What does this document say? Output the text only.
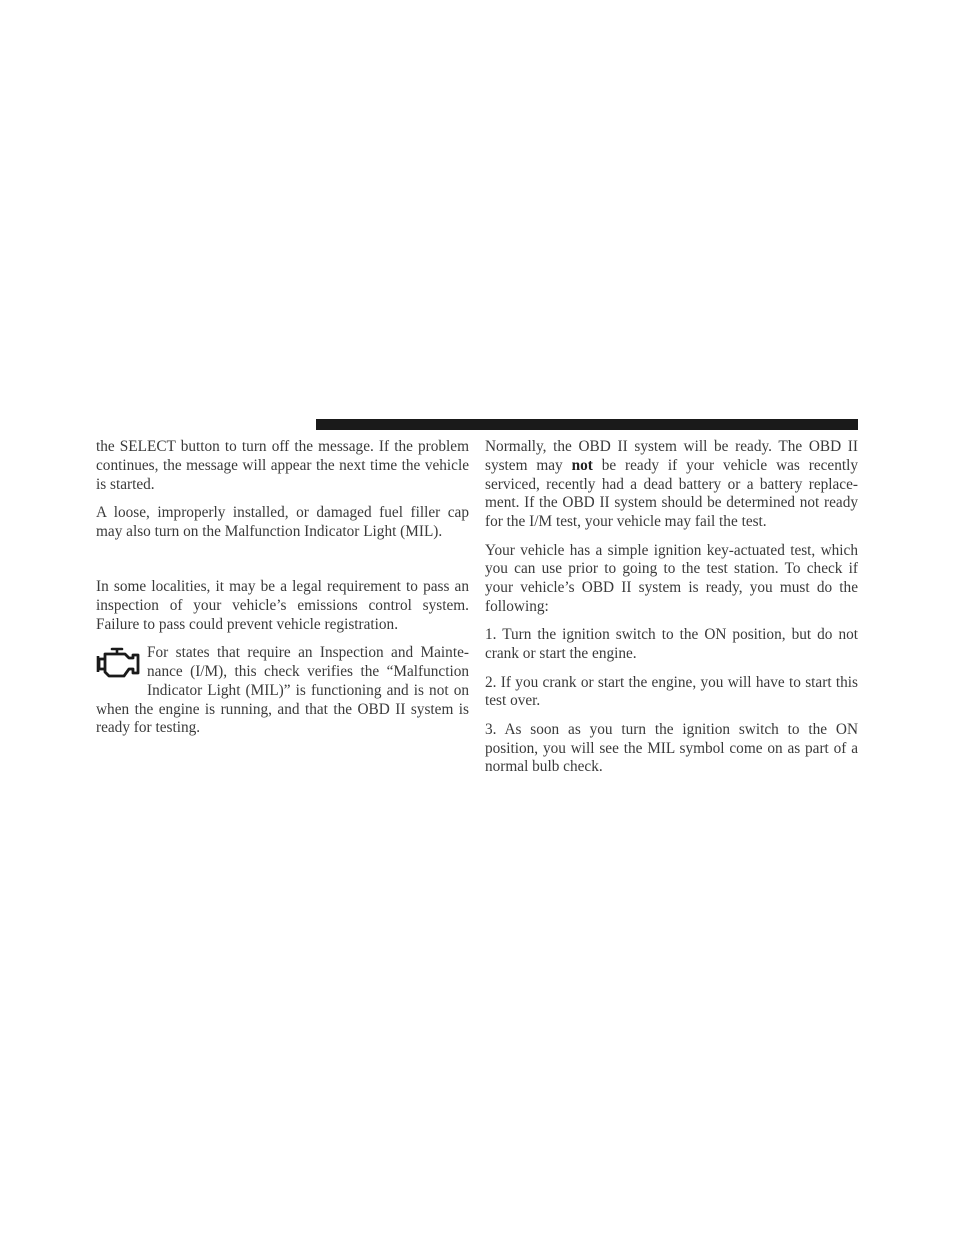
the SELECT button to turn off the message. If the problem continues, the message will appear the next time the vehicle is started.

A loose, improperly installed, or damaged fuel filler cap may also turn on the Malfunction Indicator Light (MIL).

In some localities, it may be a legal requirement to pass an inspection of your vehicle’s emissions control system. Failure to pass could prevent vehicle registration.

For states that require an Inspection and Maintenance (I/M), this check verifies the “Malfunction Indicator Light (MIL)” is functioning and is not on when the engine is running, and that the OBD II system is ready for testing.

Normally, the OBD II system will be ready. The OBD II system may not be ready if your vehicle was recently serviced, recently had a dead battery or a battery replacement. If the OBD II system should be determined not ready for the I/M test, your vehicle may fail the test.

Your vehicle has a simple ignition key-actuated test, which you can use prior to going to the test station. To check if your vehicle’s OBD II system is ready, you must do the following:

1. Turn the ignition switch to the ON position, but do not crank or start the engine.

2. If you crank or start the engine, you will have to start this test over.

3. As soon as you turn the ignition switch to the ON position, you will see the MIL symbol come on as part of a normal bulb check.
